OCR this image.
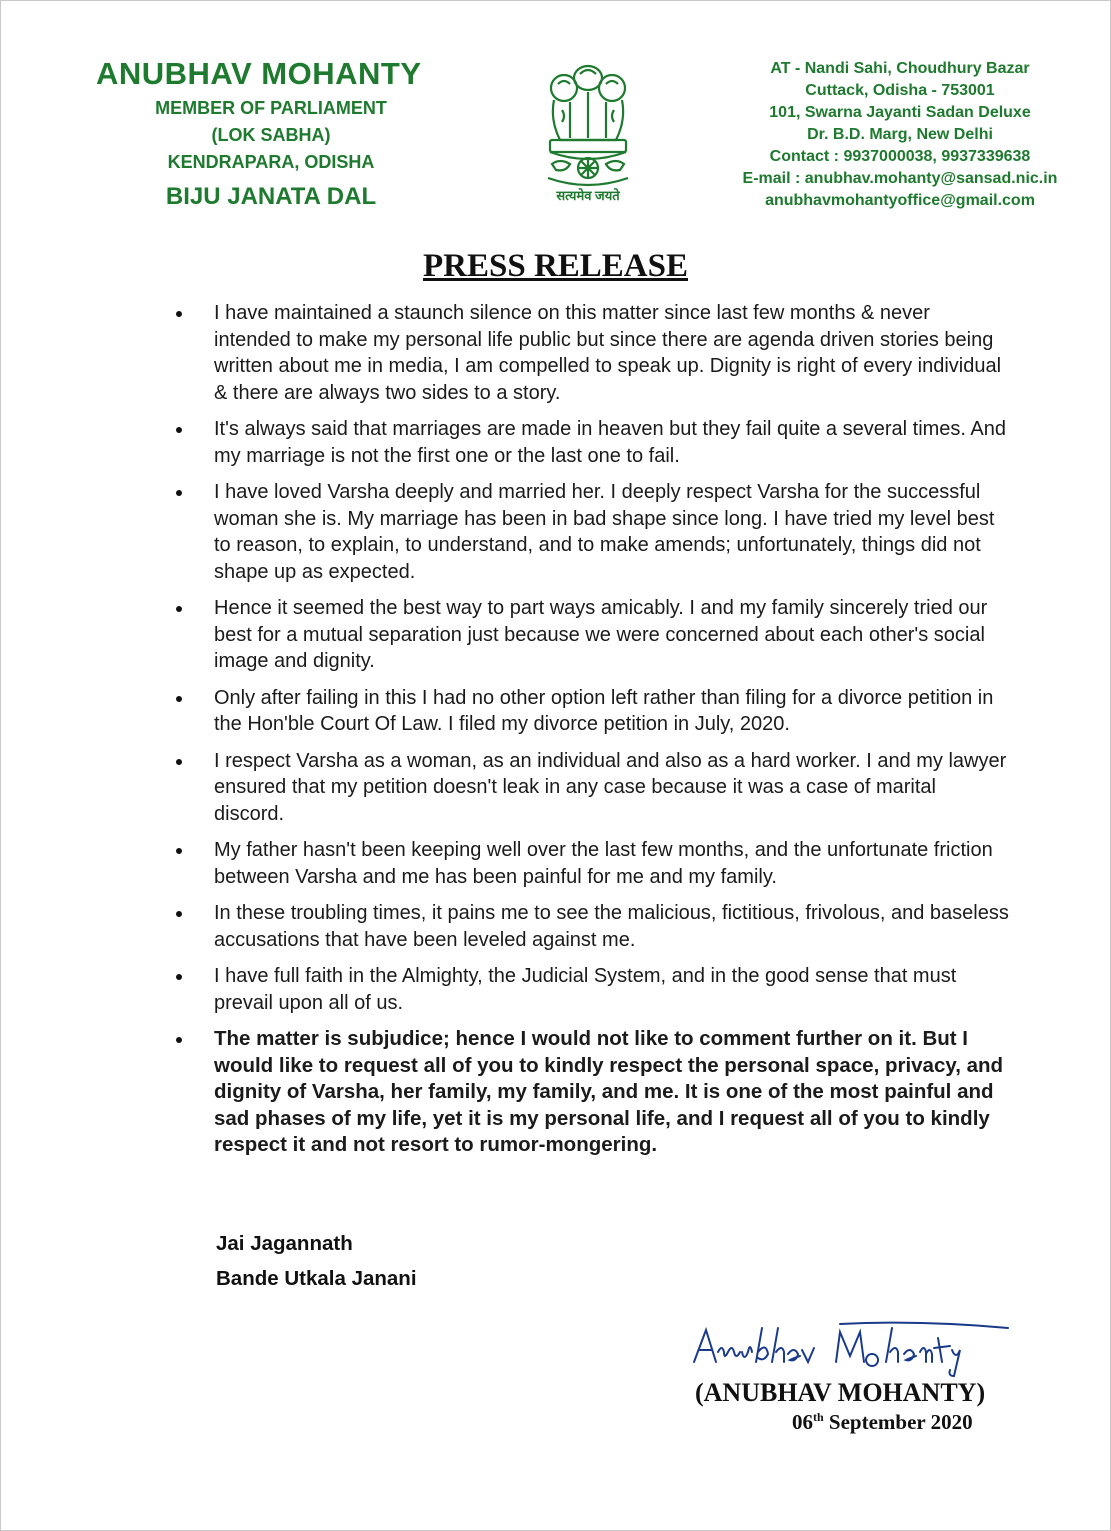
ANUBHAV MOHANTY
MEMBER OF PARLIAMENT
(LOK SABHA)
KENDRAPARA, ODISHA
BIJU JANATA DAL	सत्यमेव जयते
AT - Nandi Sahi, Choudhury Bazar
Cuttack, Odisha - 753001
101, Swarna Jayanti Sadan Deluxe
Dr. B.D. Marg, New Delhi
Contact : 9937000038, 9937339638
E-mail : anubhav.mohanty@sansad.nic.in
anubhavmohantyoffice@gmail.com
PRESS RELEASE
I have maintained a staunch silence on this matter since last few months & never intended to make my personal life public but since there are agenda driven stories being written about me in media, I am compelled to speak up. Dignity is right of every individual & there are always two sides to a story.
It's always said that marriages are made in heaven but they fail quite a several times. And my marriage is not the first one or the last one to fail.
I have loved Varsha deeply and married her. I deeply respect Varsha for the successful woman she is. My marriage has been in bad shape since long. I have tried my level best to reason, to explain, to understand, and to make amends; unfortunately, things did not shape up as expected.
Hence it seemed the best way to part ways amicably. I and my family sincerely tried our best for a mutual separation just because we were concerned about each other's social image and dignity.
Only after failing in this I had no other option left rather than filing for a divorce petition in the Hon'ble Court Of Law. I filed my divorce petition in July, 2020.
I respect Varsha as a woman, as an individual and also as a hard worker. I and my lawyer ensured that my petition doesn't leak in any case because it was a case of marital discord.
My father hasn't been keeping well over the last few months, and the unfortunate friction between Varsha and me has been painful for me and my family.
In these troubling times, it pains me to see the malicious, fictitious, frivolous, and baseless accusations that have been leveled against me.
I have full faith in the Almighty, the Judicial System, and in the good sense that must prevail upon all of us.
The matter is subjudice; hence I would not like to comment further on it. But I would like to request all of you to kindly respect the personal space, privacy, and dignity of Varsha, her family, my family, and me. It is one of the most painful and sad phases of my life, yet it is my personal life, and I request all of you to kindly respect it and not resort to rumor-mongering.
Jai Jagannath
Bande Utkala Janani
(ANUBHAV MOHANTY)
06th September 2020
